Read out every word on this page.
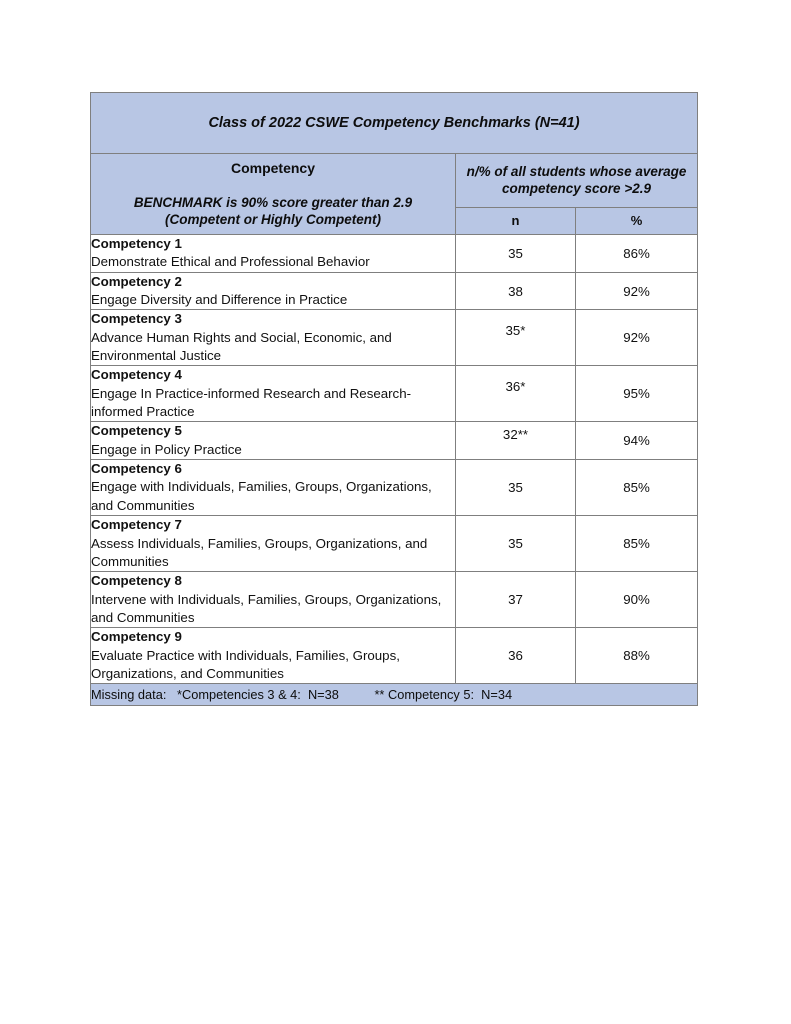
Class of 2022 CSWE Competency Benchmarks (N=41)		

Competency
BENCHMARK is 90% score greater than 2.9
(Competent or Highly Competent)

n/% of all students whose average
competency score >2.9

	n	%

Competency 1
Demonstrate Ethical and Professional Behavior	35	86%

Competency 2
Engage Diversity and Difference in Practice	38	92%

Competency 3
Advance Human Rights and Social, Economic, and Environmental Justice	35*	92%

Competency 4
Engage In Practice-informed Research and Research-informed Practice	36*	95%

Competency 5
Engage in Policy Practice	32**	94%

Competency 6
Engage with Individuals, Families, Groups, Organizations, and Communities	35	85%

Competency 7
Assess Individuals, Families, Groups, Organizations, and Communities	35	85%

Competency 8
Intervene with Individuals, Families, Groups, Organizations, and Communities	37	90%

Competency 9
Evaluate Practice with Individuals, Families, Groups, Organizations, and Communities	36	88%
Missing data:   *Competencies 3 & 4:  N=38          ** Competency 5:  N=34		
